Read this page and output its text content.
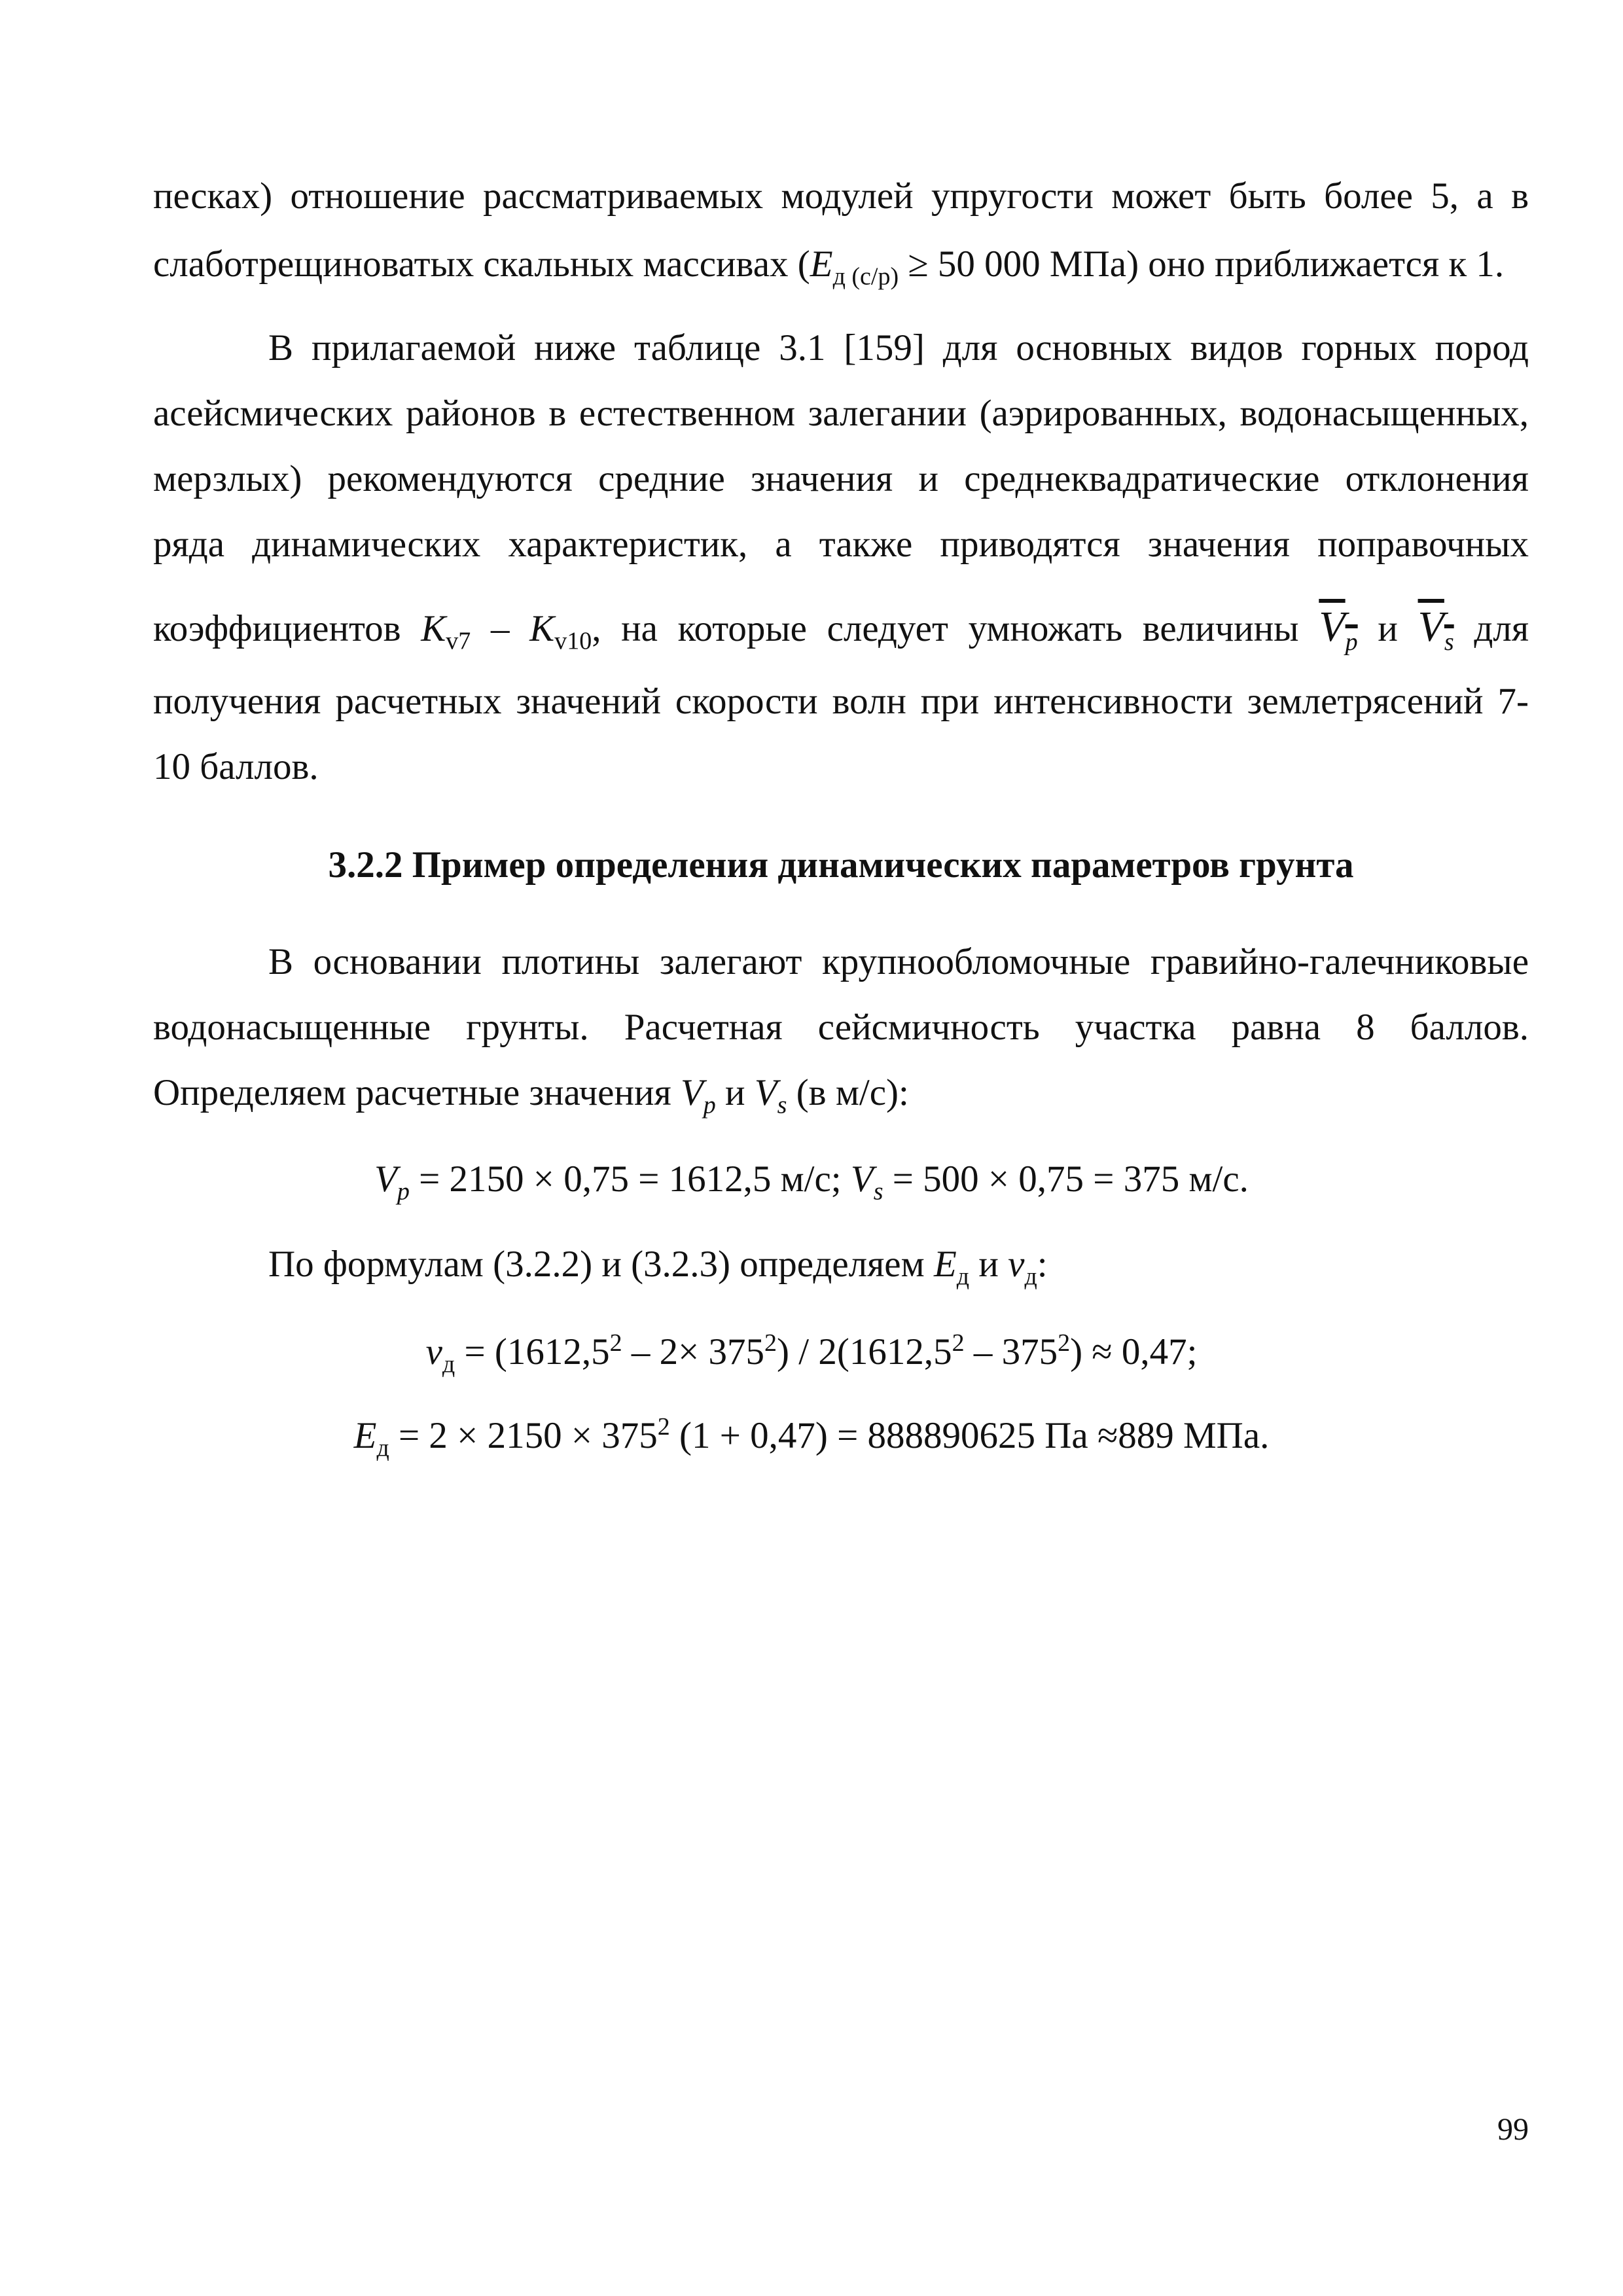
песках) отношение рассматриваемых модулей упругости может быть более 5, а в
слаботрещиноватых скальных массивах ($E_{д (с/р)} \ge 50$ 000 МПа) оно приближается к 1.
В прилагаемой ниже таблице 3.1 [159] для основных видов горных пород
асейсмических районов в естественном залегании (аэрированных, водонасыщенных,
мерзлых) рекомендуются средние значения и среднеквадратические отклонения
ряда динамических характеристик, а также приводятся значения поправочных
коэффициентов $K_{v7} - K_{v10}$, на которые следует умножать величины $V_p$ и $V_s$ для
получения расчетных значений скорости волн при интенсивности землетрясений 7-
10 баллов.
3.2.2 Пример определения динамических параметров грунта
В основании плотины залегают крупнообломочные гравийно-галечниковые
водонасыщенные грунты. Расчетная сейсмичность участка равна 8 баллов.
Определяем расчетные значения $V_p$ и $V_s$ (в м/с):
$V_p = 2150 \times 0,75 = 1612,5$ м/с; $V_s = 500 \times 0,75 = 375$ м/с.
По формулам (3.2.2) и (3.2.3) определяем $E_д$ и $\nu_д$:
$\nu_д = (1612,5^2 - 2\times 375^2) / 2(1612,5^2 - 375^2) \approx 0,47$;
$E_д = 2 \times 2150 \times 375^2$ (1 + 0,47) = 888890625 Па ≈889 МПа.
99
